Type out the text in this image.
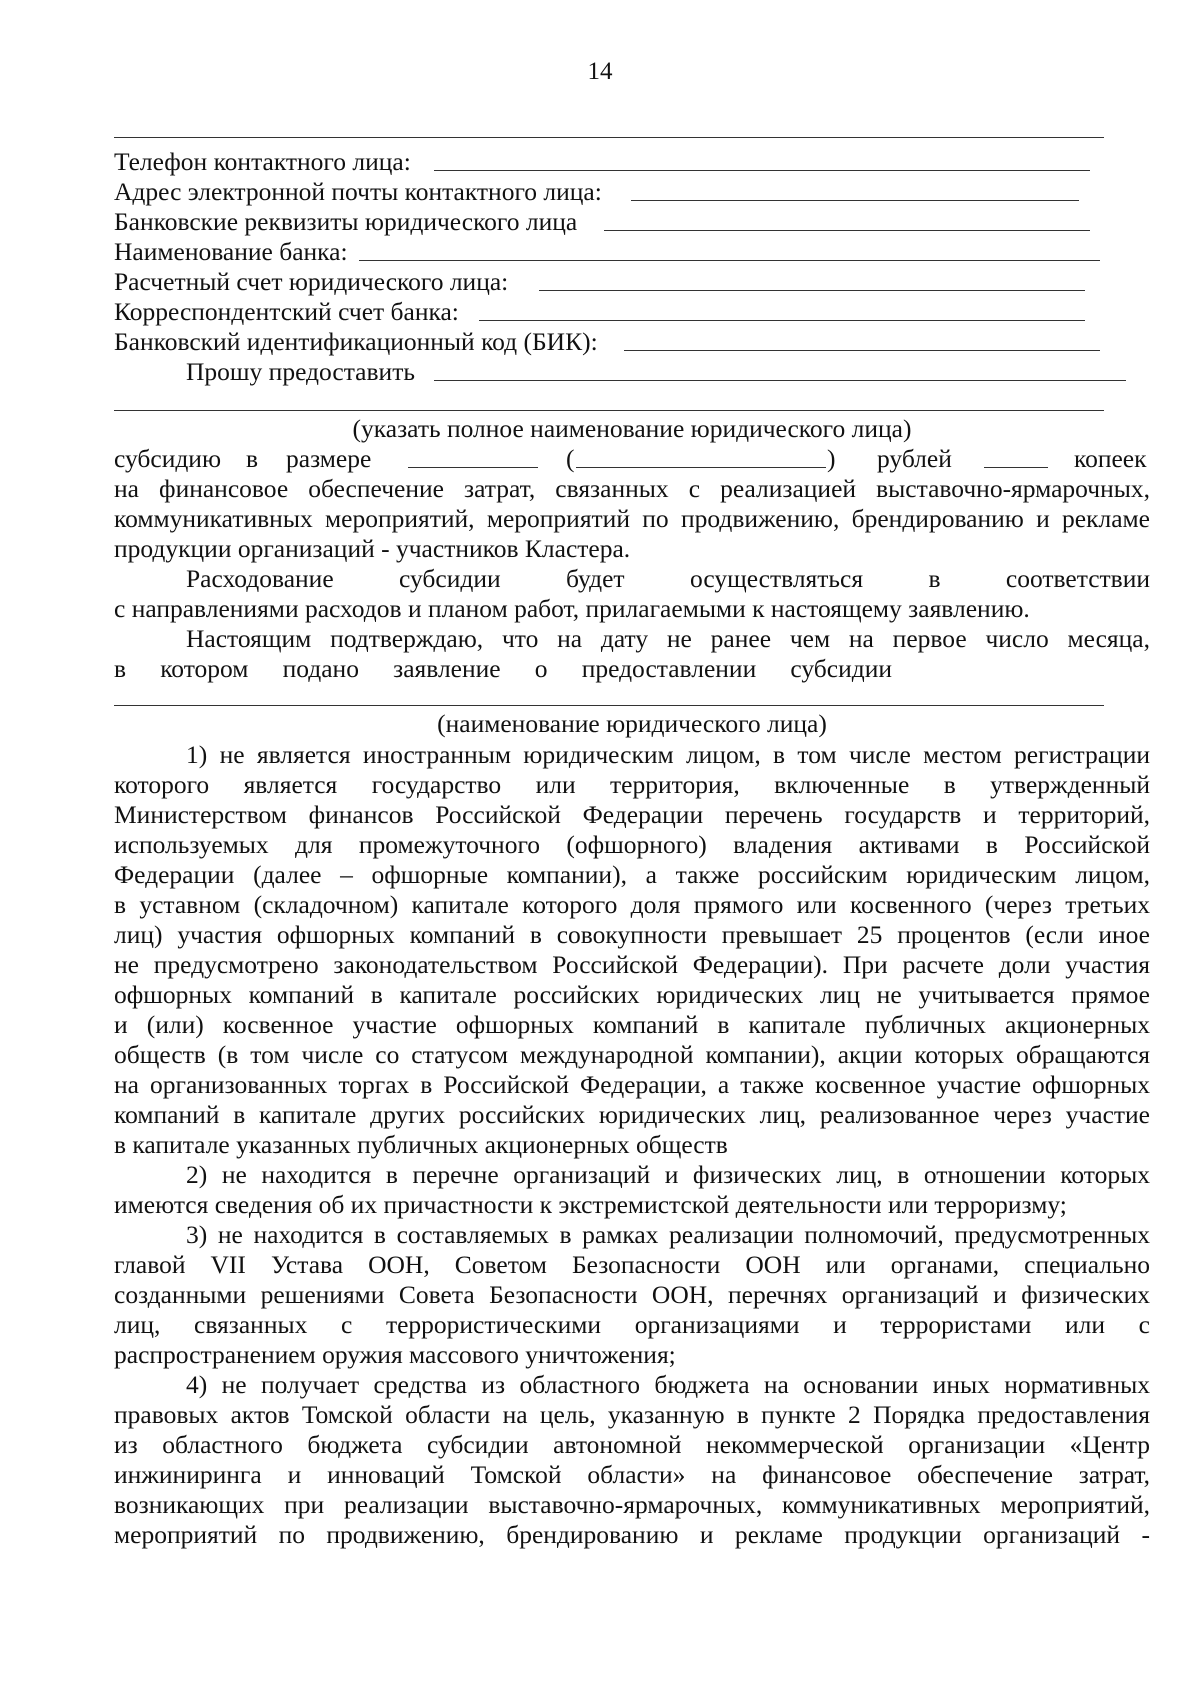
14
Телефон контактного лица:
Адрес электронной почты контактного лица:
Банковские реквизиты юридического лица
Наименование банка:
Расчетный счет юридического лица:
Корреспондентский счет банка:
Банковский идентификационный код (БИК):
Прошу предоставить
(указать полное наименование юридического лица)
субсидию в размере	(	) рублей	копеек
на финансовое обеспечение затрат, связанных с реализацией выставочно-ярмарочных,
коммуникативных мероприятий, мероприятий по продвижению, брендированию и рекламе
продукции организаций - участников Кластера.
Расходование субсидии будет осуществляться в соответствии
с направлениями расходов и планом работ, прилагаемыми к настоящему заявлению.
Настоящим подтверждаю, что на дату не ранее чем на первое число месяца,
в котором подано заявление о предоставлении субсидии
(наименование юридического лица)
1) не является иностранным юридическим лицом, в том числе местом регистрации
которого является государство или территория, включенные в утвержденный
Министерством финансов Российской Федерации перечень государств и территорий,
используемых для промежуточного (офшорного) владения активами в Российской
Федерации (далее – офшорные компании), а также российским юридическим лицом,
в уставном (складочном) капитале которого доля прямого или косвенного (через третьих
лиц) участия офшорных компаний в совокупности превышает 25 процентов (если иное
не предусмотрено законодательством Российской Федерации). При расчете доли участия
офшорных компаний в капитале российских юридических лиц не учитывается прямое
и (или) косвенное участие офшорных компаний в капитале публичных акционерных
обществ (в том числе со статусом международной компании), акции которых обращаются
на организованных торгах в Российской Федерации, а также косвенное участие офшорных
компаний в капитале других российских юридических лиц, реализованное через участие
в капитале указанных публичных акционерных обществ
2) не находится в перечне организаций и физических лиц, в отношении которых
имеются сведения об их причастности к экстремистской деятельности или терроризму;
3) не находится в составляемых в рамках реализации полномочий, предусмотренных
главой VII Устава ООН, Советом Безопасности ООН или органами, специально
созданными решениями Совета Безопасности ООН, перечнях организаций и физических
лиц, связанных с террористическими организациями и террористами или с
распространением оружия массового уничтожения;
4) не получает средства из областного бюджета на основании иных нормативных
правовых актов Томской области на цель, указанную в пункте 2 Порядка предоставления
из областного бюджета субсидии автономной некоммерческой организации «Центр
инжиниринга и инноваций Томской области» на финансовое обеспечение затрат,
возникающих при реализации выставочно-ярмарочных, коммуникативных мероприятий,
мероприятий по продвижению, брендированию и рекламе продукции организаций -
